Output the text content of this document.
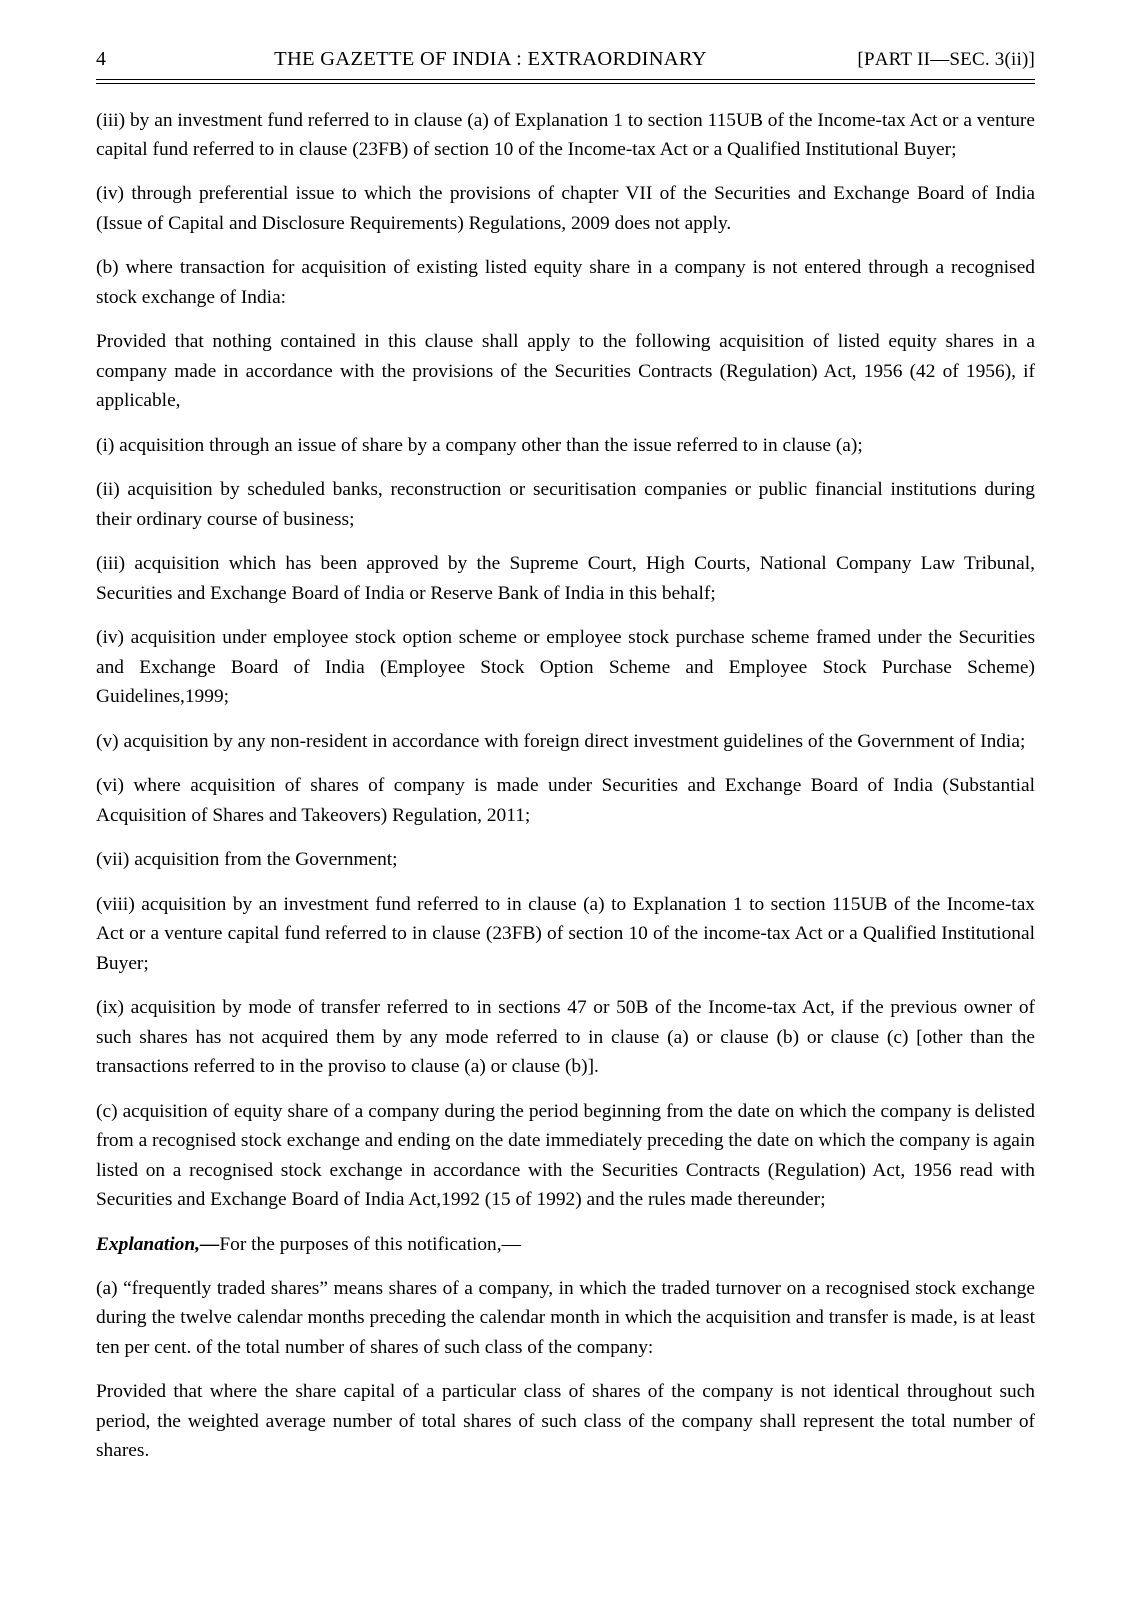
4	THE GAZETTE OF INDIA : EXTRAORDINARY	[PART II—SEC. 3(ii)]

(iii) by an investment fund referred to in clause (a) of Explanation 1 to section 115UB of the Income-tax Act or a venture capital fund referred to in clause (23FB) of section 10 of the Income-tax Act or a Qualified Institutional Buyer;

(iv) through preferential issue to which the provisions of chapter VII of the Securities and Exchange Board of India (Issue of Capital and Disclosure Requirements) Regulations, 2009 does not apply.

(b) where transaction for acquisition of existing listed equity share in a company is not entered through a recognised stock exchange of India:

Provided that nothing contained in this clause shall apply to the following acquisition of listed equity shares in a company made in accordance with the provisions of the Securities Contracts (Regulation) Act, 1956 (42 of 1956), if applicable,

(i) acquisition through an issue of share by a company other than the issue referred to in clause (a);

(ii) acquisition by scheduled banks, reconstruction or securitisation companies or public financial institutions during their ordinary course of business;

(iii) acquisition which has been approved by the Supreme Court, High Courts, National Company Law Tribunal, Securities and Exchange Board of India or Reserve Bank of India in this behalf;

(iv) acquisition under employee stock option scheme or employee stock purchase scheme framed under the Securities and Exchange Board of India (Employee Stock Option Scheme and Employee Stock Purchase Scheme) Guidelines,1999;

(v) acquisition by any non-resident in accordance with foreign direct investment guidelines of the Government of India;

(vi) where acquisition of shares of company is made under Securities and Exchange Board of India (Substantial Acquisition of Shares and Takeovers) Regulation, 2011;

(vii) acquisition from the Government;

(viii) acquisition by an investment fund referred to in clause (a) to Explanation 1 to section 115UB of the Income-tax Act or a venture capital fund referred to in clause (23FB) of section 10 of the income-tax Act or a Qualified Institutional Buyer;

(ix) acquisition by mode of transfer referred to in sections 47 or 50B of the Income-tax Act, if the previous owner of such shares has not acquired them by any mode referred to in clause (a) or clause (b) or clause (c) [other than the transactions referred to in the proviso to clause (a) or clause (b)].

(c) acquisition of equity share of a company during the period beginning from the date on which the company is delisted from a recognised stock exchange and ending on the date immediately preceding the date on which the company is again listed on a recognised stock exchange in accordance with the Securities Contracts (Regulation) Act, 1956 read with Securities and Exchange Board of India Act,1992 (15 of 1992) and the rules made thereunder;

Explanation,—For the purposes of this notification,—

(a) “frequently traded shares” means shares of a company, in which the traded turnover on a recognised stock exchange during the twelve calendar months preceding the calendar month in which the acquisition and transfer is made, is at least ten per cent. of the total number of shares of such class of the company:

Provided that where the share capital of a particular class of shares of the company is not identical throughout such period, the weighted average number of total shares of such class of the company shall represent the total number of shares.
